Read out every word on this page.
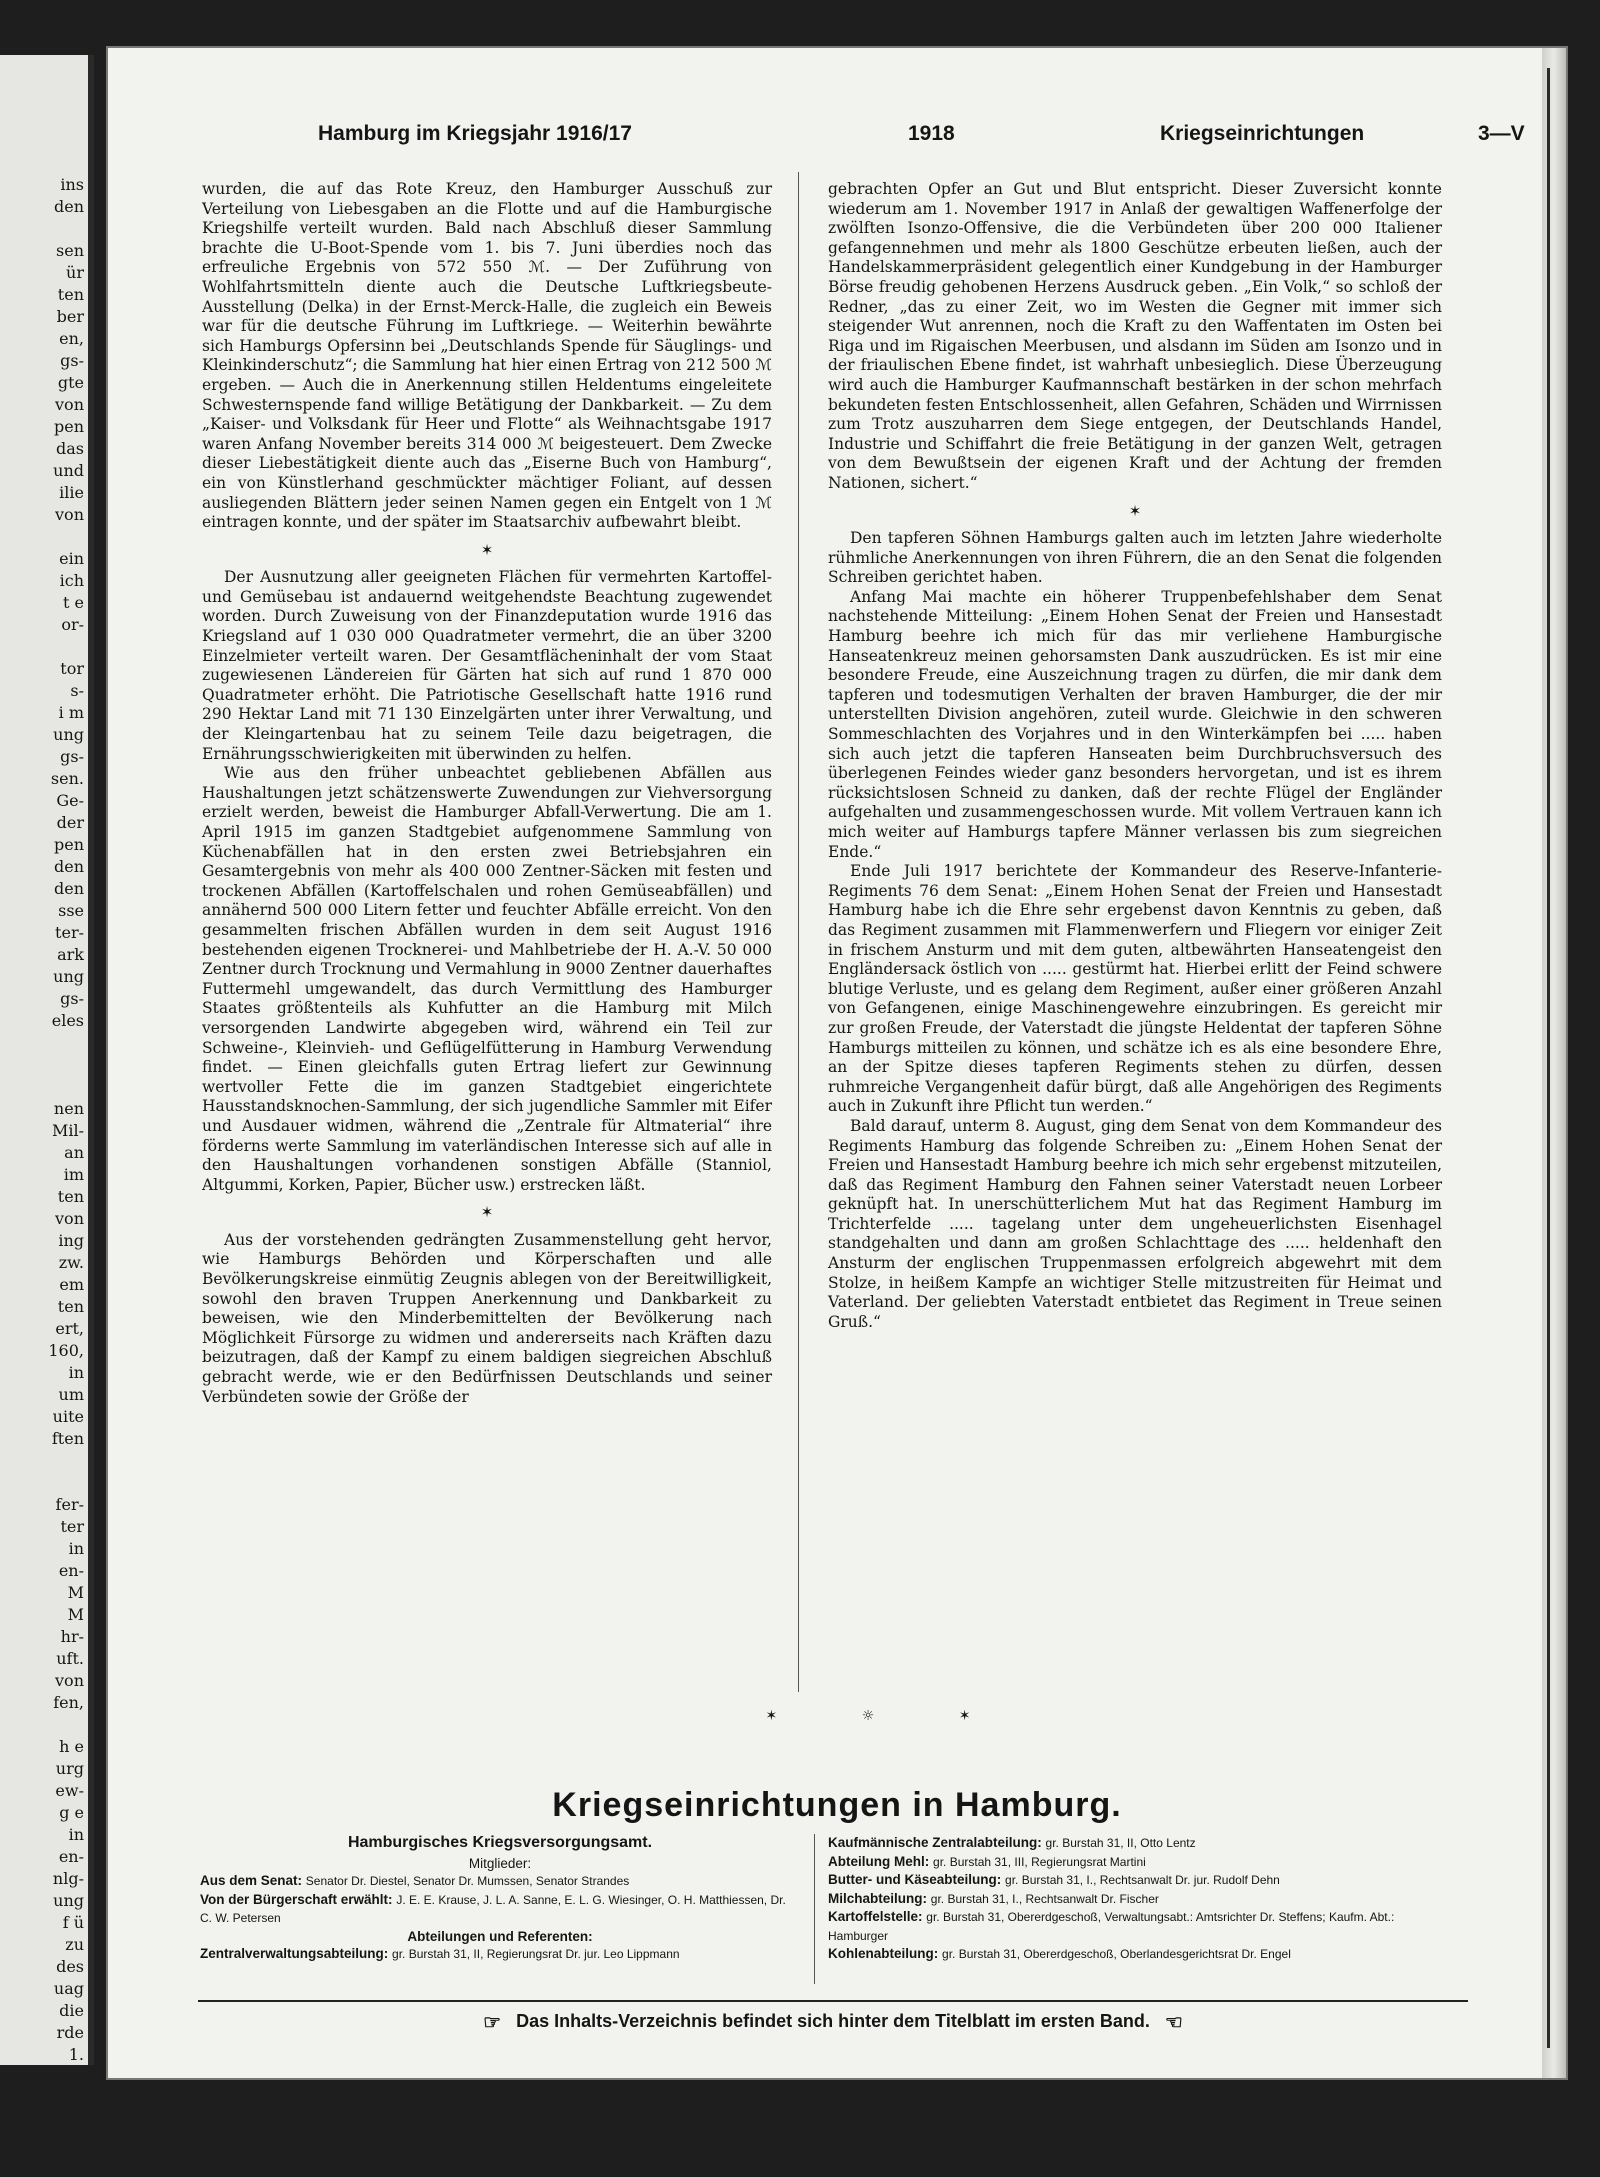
ins
den
sen
ür
ten
ber
en,
gs-
gte
von
pen
das
und
ilie
von
ein
ich
t e
or-
tor
s-
i m
ung
gs-
sen.
Ge-
der
pen
den
den
sse
ter-
ark
ung
gs-
eles
nen
Mil-
an
im
ten
von
ing
zw.
em
ten
ert,
160,
in
um
uite
ften
fer-
ter
in
en-
M
M
hr-
uft.
von
fen,
h e
urg
ew-
g e
in
en-
nlg-
ung
f ü
zu
des
uag
die
rde
1.
Hamburg im Kriegsjahr 1916/17	1918	Kriegseinrichtungen	3—V

wurden, die auf das Rote Kreuz, den Hamburger Ausschuß zur Verteilung von Liebesgaben an die Flotte und auf die Hamburgische Kriegshilfe verteilt wurden. Bald nach Abschluß dieser Sammlung brachte die U-Boot-Spende vom 1. bis 7. Juni überdies noch das erfreuliche Ergebnis von 572 550 ℳ. — Der Zuführung von Wohlfahrtsmitteln diente auch die Deutsche Luftkriegsbeute-Ausstellung (Delka) in der Ernst-Merck-Halle, die zugleich ein Beweis war für die deutsche Führung im Luftkriege. — Weiterhin bewährte sich Hamburgs Opfersinn bei „Deutschlands Spende für Säuglings- und Kleinkinderschutz“; die Sammlung hat hier einen Ertrag von 212 500 ℳ ergeben. — Auch die in Anerkennung stillen Heldentums eingeleitete Schwesternspende fand willige Betätigung der Dankbarkeit. — Zu dem „Kaiser- und Volksdank für Heer und Flotte“ als Weihnachtsgabe 1917 waren Anfang November bereits 314 000 ℳ beigesteuert. Dem Zwecke dieser Liebestätigkeit diente auch das „Eiserne Buch von Hamburg“, ein von Künstlerhand geschmückter mächtiger Foliant, auf dessen ausliegenden Blättern jeder seinen Namen gegen ein Entgelt von 1 ℳ eintragen konnte, und der später im Staatsarchiv aufbewahrt bleibt.

✶

Der Ausnutzung aller geeigneten Flächen für vermehrten Kartoffel- und Gemüsebau ist andauernd weitgehendste Beachtung zugewendet worden. Durch Zuweisung von der Finanzdeputation wurde 1916 das Kriegsland auf 1 030 000 Quadratmeter vermehrt, die an über 3200 Einzelmieter verteilt waren. Der Gesamtflächeninhalt der vom Staat zugewiesenen Ländereien für Gärten hat sich auf rund 1 870 000 Quadratmeter erhöht. Die Patriotische Gesellschaft hatte 1916 rund 290 Hektar Land mit 71 130 Einzelgärten unter ihrer Verwaltung, und der Kleingartenbau hat zu seinem Teile dazu beigetragen, die Ernährungsschwierigkeiten mit überwinden zu helfen.

Wie aus den früher unbeachtet gebliebenen Abfällen aus Haushaltungen jetzt schätzenswerte Zuwendungen zur Viehversorgung erzielt werden, beweist die Hamburger Abfall-Verwertung. Die am 1. April 1915 im ganzen Stadtgebiet aufgenommene Sammlung von Küchenabfällen hat in den ersten zwei Betriebsjahren ein Gesamtergebnis von mehr als 400 000 Zentner-Säcken mit festen und trockenen Abfällen (Kartoffelschalen und rohen Gemüseabfällen) und annähernd 500 000 Litern fetter und feuchter Abfälle erreicht. Von den gesammelten frischen Abfällen wurden in dem seit August 1916 bestehenden eigenen Trocknerei- und Mahlbetriebe der H. A.-V. 50 000 Zentner durch Trocknung und Vermahlung in 9000 Zentner dauerhaftes Futtermehl umgewandelt, das durch Vermittlung des Hamburger Staates größtenteils als Kuhfutter an die Hamburg mit Milch versorgenden Landwirte abgegeben wird, während ein Teil zur Schweine-, Kleinvieh- und Geflügelfütterung in Hamburg Verwendung findet. — Einen gleichfalls guten Ertrag liefert zur Gewinnung wertvoller Fette die im ganzen Stadtgebiet eingerichtete Hausstandsknochen-Sammlung, der sich jugendliche Sammler mit Eifer und Ausdauer widmen, während die „Zentrale für Altmaterial“ ihre förderns werte Sammlung im vaterländischen Interesse sich auf alle in den Haushaltungen vorhandenen sonstigen Abfälle (Stanniol, Altgummi, Korken, Papier, Bücher usw.) erstrecken läßt.

✶

Aus der vorstehenden gedrängten Zusammenstellung geht hervor, wie Hamburgs Behörden und Körperschaften und alle Bevölkerungskreise einmütig Zeugnis ablegen von der Bereitwilligkeit, sowohl den braven Truppen Anerkennung und Dankbarkeit zu beweisen, wie den Minderbemittelten der Bevölkerung nach Möglichkeit Fürsorge zu widmen und andererseits nach Kräften dazu beizutragen, daß der Kampf zu einem baldigen siegreichen Abschluß gebracht werde, wie er den Bedürfnissen Deutschlands und seiner Verbündeten sowie der Größe der

gebrachten Opfer an Gut und Blut entspricht. Dieser Zuversicht konnte wiederum am 1. November 1917 in Anlaß der gewaltigen Waffenerfolge der zwölften Isonzo-Offensive, die die Verbündeten über 200 000 Italiener gefangennehmen und mehr als 1800 Geschütze erbeuten ließen, auch der Handelskammerpräsident gelegentlich einer Kundgebung in der Hamburger Börse freudig gehobenen Herzens Ausdruck geben. „Ein Volk,“ so schloß der Redner, „das zu einer Zeit, wo im Westen die Gegner mit immer sich steigender Wut anrennen, noch die Kraft zu den Waffentaten im Osten bei Riga und im Rigaischen Meerbusen, und alsdann im Süden am Isonzo und in der friaulischen Ebene findet, ist wahrhaft unbesieglich. Diese Überzeugung wird auch die Hamburger Kaufmannschaft bestärken in der schon mehrfach bekundeten festen Entschlossenheit, allen Gefahren, Schäden und Wirrnissen zum Trotz auszuharren dem Siege entgegen, der Deutschlands Handel, Industrie und Schiffahrt die freie Betätigung in der ganzen Welt, getragen von dem Bewußtsein der eigenen Kraft und der Achtung der fremden Nationen, sichert.“

✶

Den tapferen Söhnen Hamburgs galten auch im letzten Jahre wiederholte rühmliche Anerkennungen von ihren Führern, die an den Senat die folgenden Schreiben gerichtet haben.

Anfang Mai machte ein höherer Truppenbefehlshaber dem Senat nachstehende Mitteilung: „Einem Hohen Senat der Freien und Hansestadt Hamburg beehre ich mich für das mir verliehene Hamburgische Hanseatenkreuz meinen gehorsamsten Dank auszudrücken. Es ist mir eine besondere Freude, eine Auszeichnung tragen zu dürfen, die mir dank dem tapferen und todesmutigen Verhalten der braven Hamburger, die der mir unterstellten Division angehören, zuteil wurde. Gleichwie in den schweren Sommeschlachten des Vorjahres und in den Winterkämpfen bei ..... haben sich auch jetzt die tapferen Hanseaten beim Durchbruchsversuch des überlegenen Feindes wieder ganz besonders hervorgetan, und ist es ihrem rücksichtslosen Schneid zu danken, daß der rechte Flügel der Engländer aufgehalten und zusammengeschossen wurde. Mit vollem Vertrauen kann ich mich weiter auf Hamburgs tapfere Männer verlassen bis zum siegreichen Ende.“

Ende Juli 1917 berichtete der Kommandeur des Reserve-Infanterie-Regiments 76 dem Senat: „Einem Hohen Senat der Freien und Hansestadt Hamburg habe ich die Ehre sehr ergebenst davon Kenntnis zu geben, daß das Regiment zusammen mit Flammenwerfern und Fliegern vor einiger Zeit in frischem Ansturm und mit dem guten, altbewährten Hanseatengeist den Engländersack östlich von ..... gestürmt hat. Hierbei erlitt der Feind schwere blutige Verluste, und es gelang dem Regiment, außer einer größeren Anzahl von Gefangenen, einige Maschinengewehre einzubringen. Es gereicht mir zur großen Freude, der Vaterstadt die jüngste Heldentat der tapferen Söhne Hamburgs mitteilen zu können, und schätze ich es als eine besondere Ehre, an der Spitze dieses tapferen Regiments stehen zu dürfen, dessen ruhmreiche Vergangenheit dafür bürgt, daß alle Angehörigen des Regiments auch in Zukunft ihre Pflicht tun werden.“

Bald darauf, unterm 8. August, ging dem Senat von dem Kommandeur des Regiments Hamburg das folgende Schreiben zu: „Einem Hohen Senat der Freien und Hansestadt Hamburg beehre ich mich sehr ergebenst mitzuteilen, daß das Regiment Hamburg den Fahnen seiner Vaterstadt neuen Lorbeer geknüpft hat. In unerschütterlichem Mut hat das Regiment Hamburg im Trichterfelde ..... tagelang unter dem ungeheuerlichsten Eisenhagel standgehalten und dann am großen Schlachttage des ..... heldenhaft den Ansturm der englischen Truppenmassen erfolgreich abgewehrt mit dem Stolze, in heißem Kampfe an wichtiger Stelle mitzustreiten für Heimat und Vaterland. Der geliebten Vaterstadt entbietet das Regiment in Treue seinen Gruß.“

✶ ☼ ✶
Kriegseinrichtungen in Hamburg.
Hamburgisches Kriegsversorgungsamt.
Mitglieder:

Aus dem Senat: Senator Dr. Diestel, Senator Dr. Mumssen, Senator Strandes

Von der Bürgerschaft erwählt: J. E. E. Krause, J. L. A. Sanne, E. L. G. Wiesinger, O. H. Matthiessen, Dr. C. W. Petersen

Abteilungen und Referenten:

Zentralverwaltungsabteilung: gr. Burstah 31, II, Regierungsrat Dr. jur. Leo Lippmann

Kaufmännische Zentralabteilung: gr. Burstah 31, II, Otto Lentz

Abteilung Mehl: gr. Burstah 31, III, Regierungsrat Martini

Butter- und Käseabteilung: gr. Burstah 31, I., Rechtsanwalt Dr. jur. Rudolf Dehn

Milchabteilung: gr. Burstah 31, I., Rechtsanwalt Dr. Fischer

Kartoffelstelle: gr. Burstah 31, Obererdgeschoß, Verwaltungsabt.: Amtsrichter Dr. Steffens; Kaufm. Abt.: Hamburger

Kohlenabteilung: gr. Burstah 31, Obererdgeschoß, Oberlandesgerichtsrat Dr. Engel

☞ Das Inhalts-Verzeichnis befindet sich hinter dem Titelblatt im ersten Band. ☜
